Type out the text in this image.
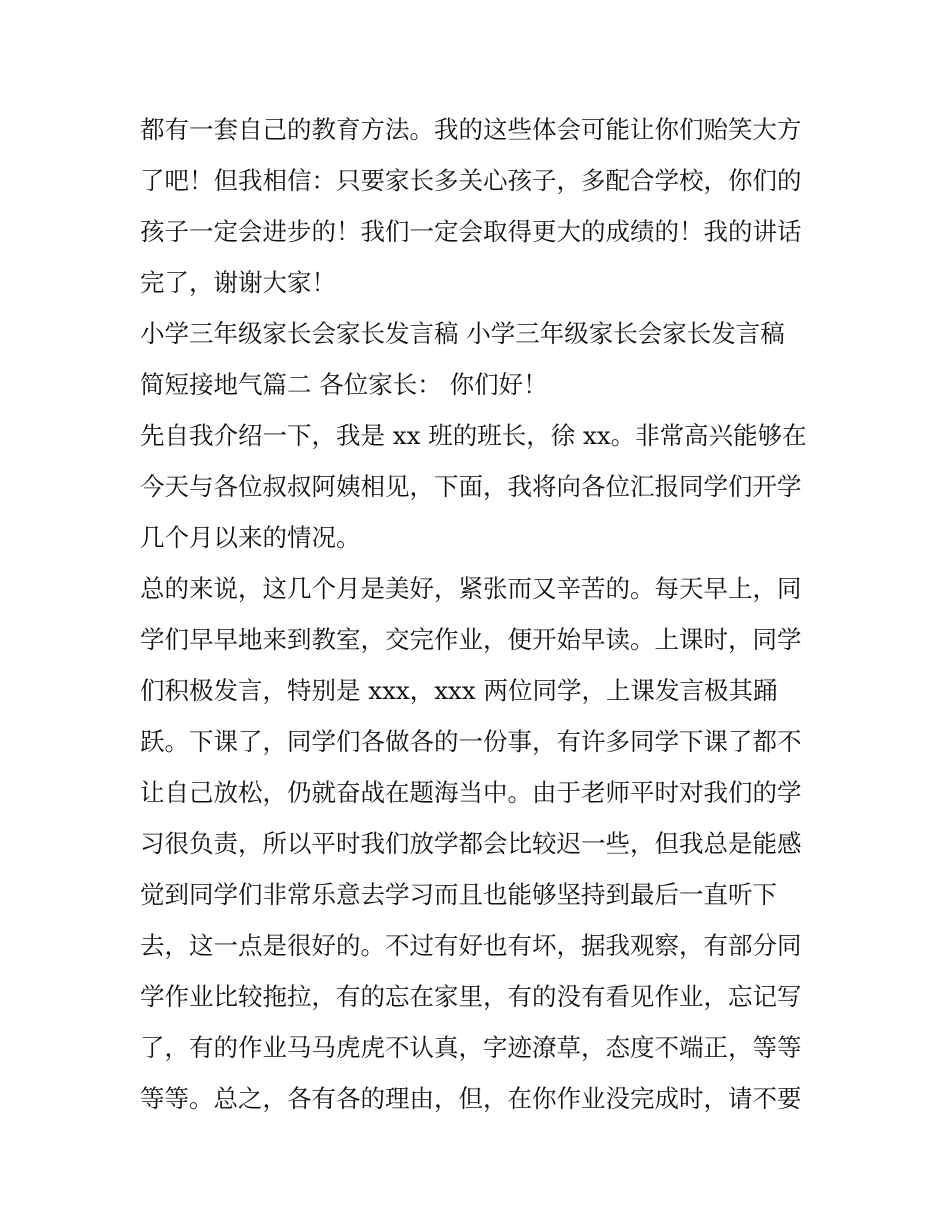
都有一套自己的教育方法。我的这些体会可能让你们贻笑大方
了吧！但我相信：只要家长多关心孩子，多配合学校，你们的
孩子一定会进步的！我们一定会取得更大的成绩的！我的讲话
完了，谢谢大家！
小学三年级家长会家长发言稿 小学三年级家长会家长发言稿
简短接地气篇二 各位家长： 你们好！
先自我介绍一下，我是 xx 班的班长，徐 xx。非常高兴能够在
今天与各位叔叔阿姨相见，下面，我将向各位汇报同学们开学
几个月以来的情况。
总的来说，这几个月是美好，紧张而又辛苦的。每天早上，同
学们早早地来到教室，交完作业，便开始早读。上课时，同学
们积极发言，特别是 xxx，xxx 两位同学，上课发言极其踊
跃。下课了，同学们各做各的一份事，有许多同学下课了都不
让自己放松，仍就奋战在题海当中。由于老师平时对我们的学
习很负责，所以平时我们放学都会比较迟一些，但我总是能感
觉到同学们非常乐意去学习而且也能够坚持到最后一直听下
去，这一点是很好的。不过有好也有坏，据我观察，有部分同
学作业比较拖拉，有的忘在家里，有的没有看见作业，忘记写
了，有的作业马马虎虎不认真，字迹潦草，态度不端正，等等
等等。总之，各有各的理由，但，在你作业没完成时，请不要
